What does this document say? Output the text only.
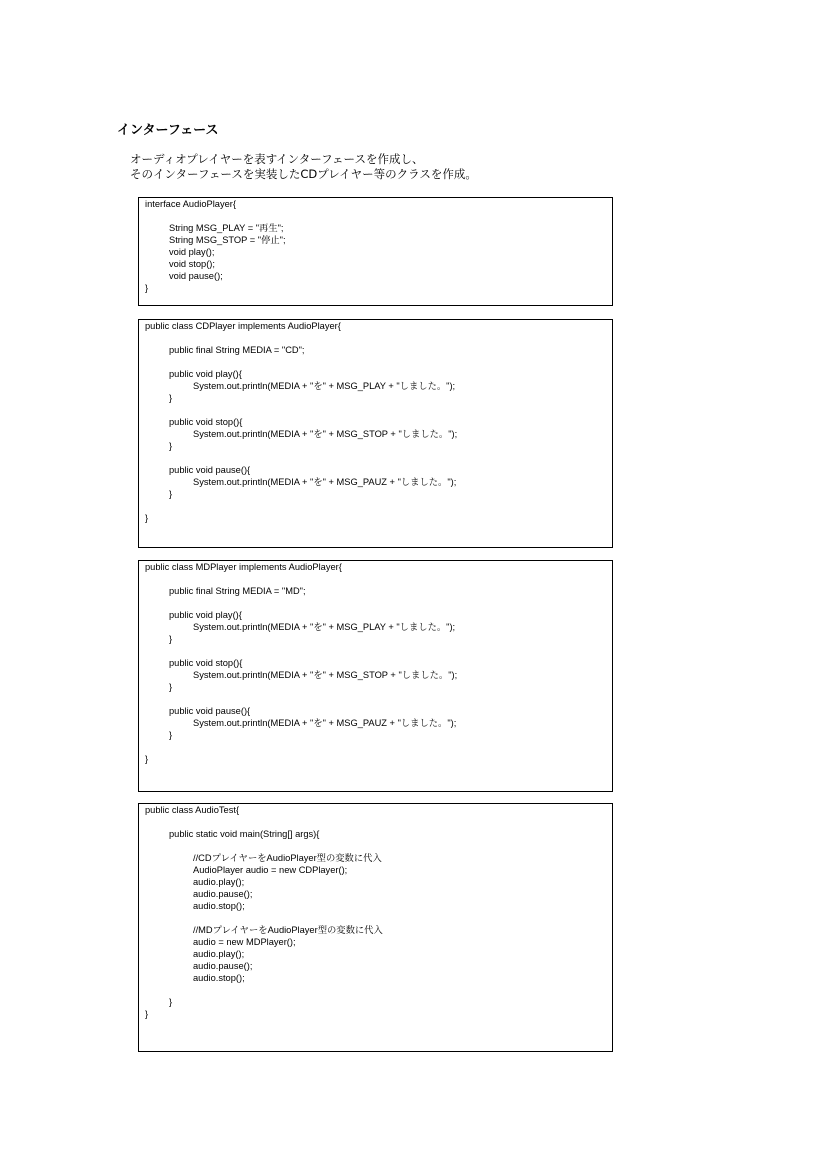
インターフェース
オーディオプレイヤーを表すインターフェースを作成し、
そのインターフェースを実装したCDプレイヤー等のクラスを作成。
interface AudioPlayer{
String MSG_PLAY = "再生";
String MSG_STOP = "停止";
void play();
void stop();
void pause();
}
public class CDPlayer implements AudioPlayer{
public final String MEDIA = "CD";
public void play(){
System.out.println(MEDIA + "を" + MSG_PLAY + "しました。");
}
public void stop(){
System.out.println(MEDIA + "を" + MSG_STOP + "しました。");
}
public void pause(){
System.out.println(MEDIA + "を" + MSG_PAUZ + "しました。");
}
}
public class MDPlayer implements AudioPlayer{
public final String MEDIA = "MD";
public void play(){
System.out.println(MEDIA + "を" + MSG_PLAY + "しました。");
}
public void stop(){
System.out.println(MEDIA + "を" + MSG_STOP + "しました。");
}
public void pause(){
System.out.println(MEDIA + "を" + MSG_PAUZ + "しました。");
}
}
public class AudioTest{
public static void main(String[] args){
//CDプレイヤーをAudioPlayer型の変数に代入
AudioPlayer audio = new CDPlayer();
audio.play();
audio.pause();
audio.stop();
//MDプレイヤーをAudioPlayer型の変数に代入
audio = new MDPlayer();
audio.play();
audio.pause();
audio.stop();
}
}
